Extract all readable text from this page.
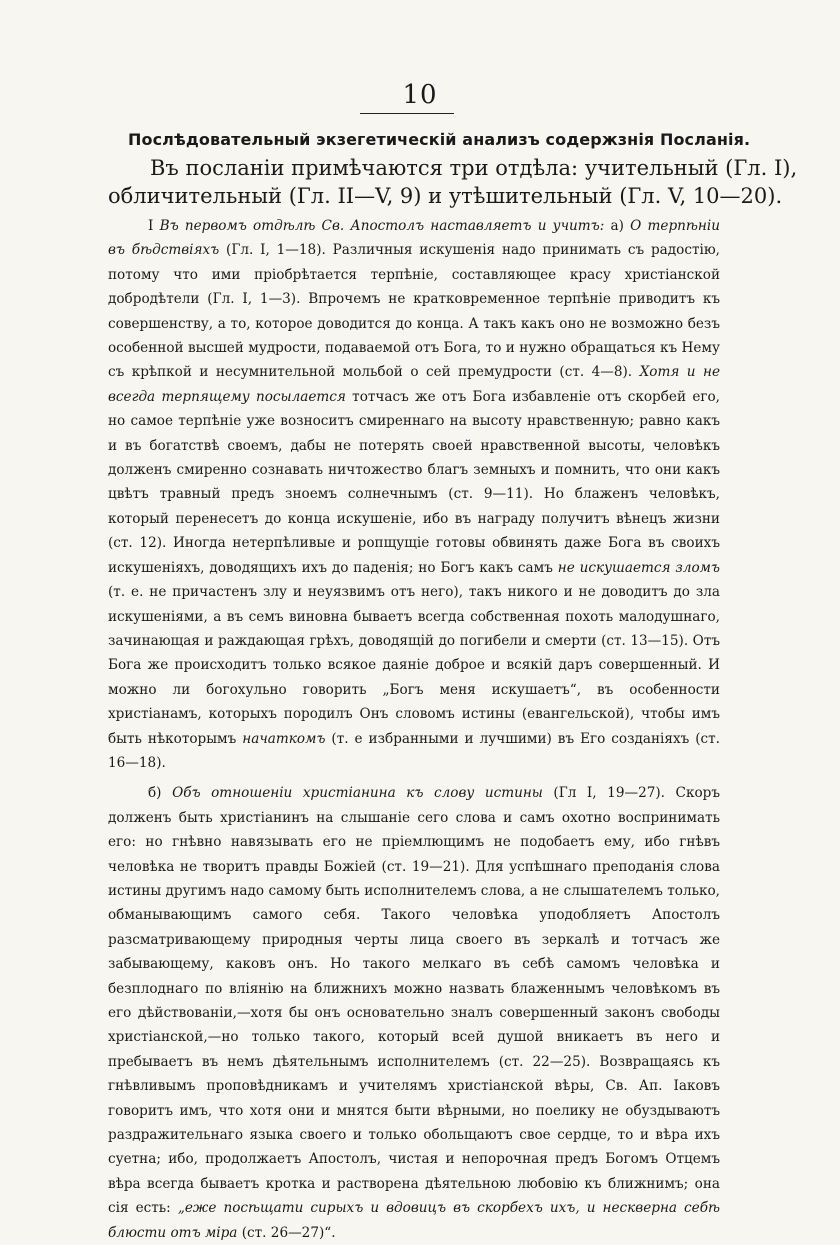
10
Послѣдовательный экзегетическій анализъ содержзнія Посланія.
Въ посланіи примѣчаются три отдѣла: учительный (Гл. I),
обличительный (Гл. II—V, 9) и утѣшительный (Гл. V, 10—20).

I Въ первомъ отдѣлѣ Св. Апостолъ наставляетъ и учитъ: а) О терпѣніи въ бѣдствіяхъ (Гл. I, 1—18). Различныя искушенія надо принимать съ радостію, потому что ими пріобрѣтается терпѣніе, составляющее красу христіанской добродѣтели (Гл. I, 1—3). Впрочемъ не кратковременное терпѣніе приводитъ къ совершенству, а то, которое доводится до конца. А такъ какъ оно не возможно безъ особенной высшей мудрости, подаваемой отъ Бога, то и нужно обращаться къ Нему съ крѣпкой и несумнительной мольбой о сей премудрости (ст. 4—8). Хотя и не всегда терпящему посылается тотчасъ же отъ Бога избавленіе отъ скорбей его, но самое терпѣніе уже возноситъ смиреннаго на высоту нравственную; равно какъ и въ богатствѣ своемъ, дабы не потерять своей нравственной высоты, человѣкъ долженъ смиренно сознавать ничтожество благъ земныхъ и помнить, что они какъ цвѣтъ травный предъ зноемъ солнечнымъ (ст. 9—11). Но блаженъ человѣкъ, который перенесетъ до конца искушеніе, ибо въ награду получитъ вѣнецъ жизни (ст. 12). Иногда нетерпѣливые и ропщущіе готовы обвинять даже Бога въ своихъ искушеніяхъ, доводящихъ ихъ до паденія; но Богъ какъ самъ не искушается зломъ (т. е. не причастенъ злу и неуязвимъ отъ него), такъ никого и не доводитъ до зла искушеніями, а въ семъ виновна бываетъ всегда собственная похоть малодушнаго, зачинающая и раждающая грѣхъ, доводящій до погибели и смерти (ст. 13—15). Отъ Бога же происходитъ только всякое даяніе доброе и всякій даръ совершенный. И можно ли богохульно говорить „Богъ меня искушаетъ“, въ особенности христіанамъ, которыхъ породилъ Онъ словомъ истины (евангельской), чтобы имъ быть нѣкоторымъ начаткомъ (т. е избранными и лучшими) въ Его созданіяхъ (ст. 16—18).

б) Объ отношеніи христіанина къ слову истины (Гл I, 19—27). Скоръ долженъ быть христіанинъ на слышаніе сего слова и самъ охотно воспринимать его: но гнѣвно навязывать его не пріемлющимъ не подобаетъ ему, ибо гнѣвъ человѣка не творитъ правды Божіей (ст. 19—21). Для успѣшнаго преподанія слова истины другимъ надо самому быть исполнителемъ слова, а не слышателемъ только, обманывающимъ самого себя. Такого человѣка уподобляетъ Апостолъ разсматривающему природныя черты лица своего въ зеркалѣ и тотчасъ же забывающему, каковъ онъ. Но такого мелкаго въ себѣ самомъ человѣка и безплоднаго по вліянію на ближнихъ можно назвать блаженнымъ человѣкомъ въ его дѣйствованіи,—хотя бы онъ основательно зналъ совершенный законъ свободы христіанской,—но только такого, который всей душой вникаетъ въ него и пребываетъ въ немъ дѣятельнымъ исполнителемъ (ст. 22—25). Возвращаясь къ гнѣвливымъ проповѣдникамъ и учителямъ христіанской вѣры, Св. Ап. Іаковъ говоритъ имъ, что хотя они и мнятся быти вѣрными, но поелику не обуздываютъ раздражительнаго языка своего и только обольщаютъ свое сердце, то и вѣра ихъ суетна; ибо, продолжаетъ Апостолъ, чистая и непорочная предъ Богомъ Отцемъ вѣра всегда бываетъ кротка и растворена дѣятельною любовію къ ближнимъ; она сія есть: „еже посѣщати сирыхъ и вдовицъ въ скорбехъ ихъ, и нескверна себѣ блюсти отъ міра (ст. 26—27)“.
